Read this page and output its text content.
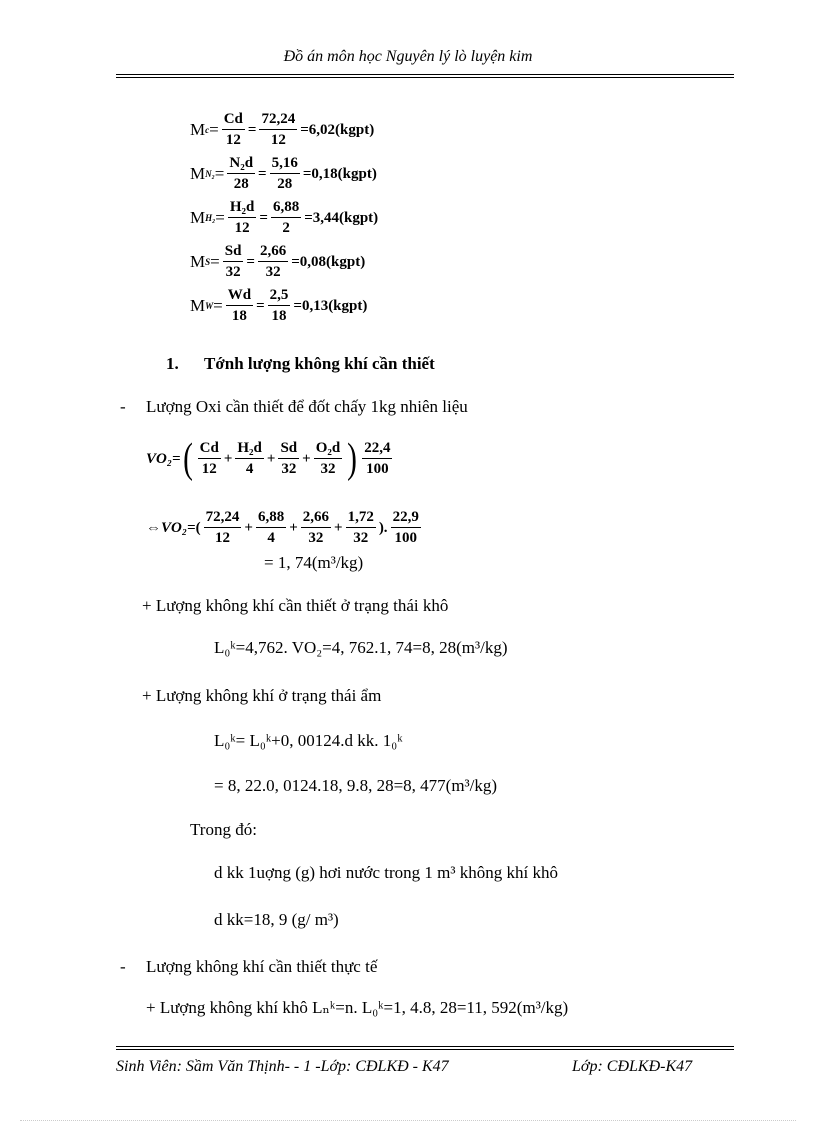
Đồ án môn học Nguyên lý lò luyện kim
M $c = \frac{Cd}{12} = \frac{72,24}{12}$ =6,02(kgpt)
M $N_2 = \frac{\text{N₂d}}{28} = \frac{5,16}{28}$ =0,18(kgpt)
M $H_2 = \frac{\text{H₂d}}{12} = \frac{6,88}{2}$ =3,44(kgpt)
M $S = \frac{Sd}{32} = \frac{2,66}{32}$ =0,08(kgpt)
M $W = \frac{Wd}{18} = \frac{2,5}{18}$ =0,13(kgpt)
1. Tớnh lượng không khí cần thiết
- Lượng Oxi cần thiết để đốt chấy 1kg nhiên liệu
VO₂ = ( $\frac{Cd}{12} + \frac{\text{H₂d}}{4} + \frac{Sd}{32} + \frac{\text{O₂d}}{32}$ ) $\frac{22,4}{100}$
⇔ VO₂ =( $\frac{72,24}{12} + \frac{6,88}{4} + \frac{2,66}{32} + \frac{1,72}{32}$ ). $\frac{22,9}{100}$
= 1, 74(m³/kg)
+ Lượng không khí cần thiết ở trạng thái khô
L₀ᵏ=4,762. VO₂=4, 762.1, 74=8, 28(m³/kg)
+ Lượng không khí ở trạng thái ẩm
L₀ᵏ= L₀ᵏ+0, 00124.d kk. 1₀ᵏ
= 8, 22.0, 0124.18, 9.8, 28=8, 477(m³/kg)
Trong đó:
d kk 1uợng (g) hơi nước trong 1 m³ không khí khô
d kk=18, 9 (g/ m³)
- Lượng không khí cần thiết thực tế
+ Lượng không khí khô Lₙᵏ=n. L₀ᵏ=1, 4.8, 28=11, 592(m³/kg)
Sinh Viên: Sầm Văn Thịnh- - 1 -Lớp: CĐLKĐ - K47	Lớp: CĐLKĐ-K47
